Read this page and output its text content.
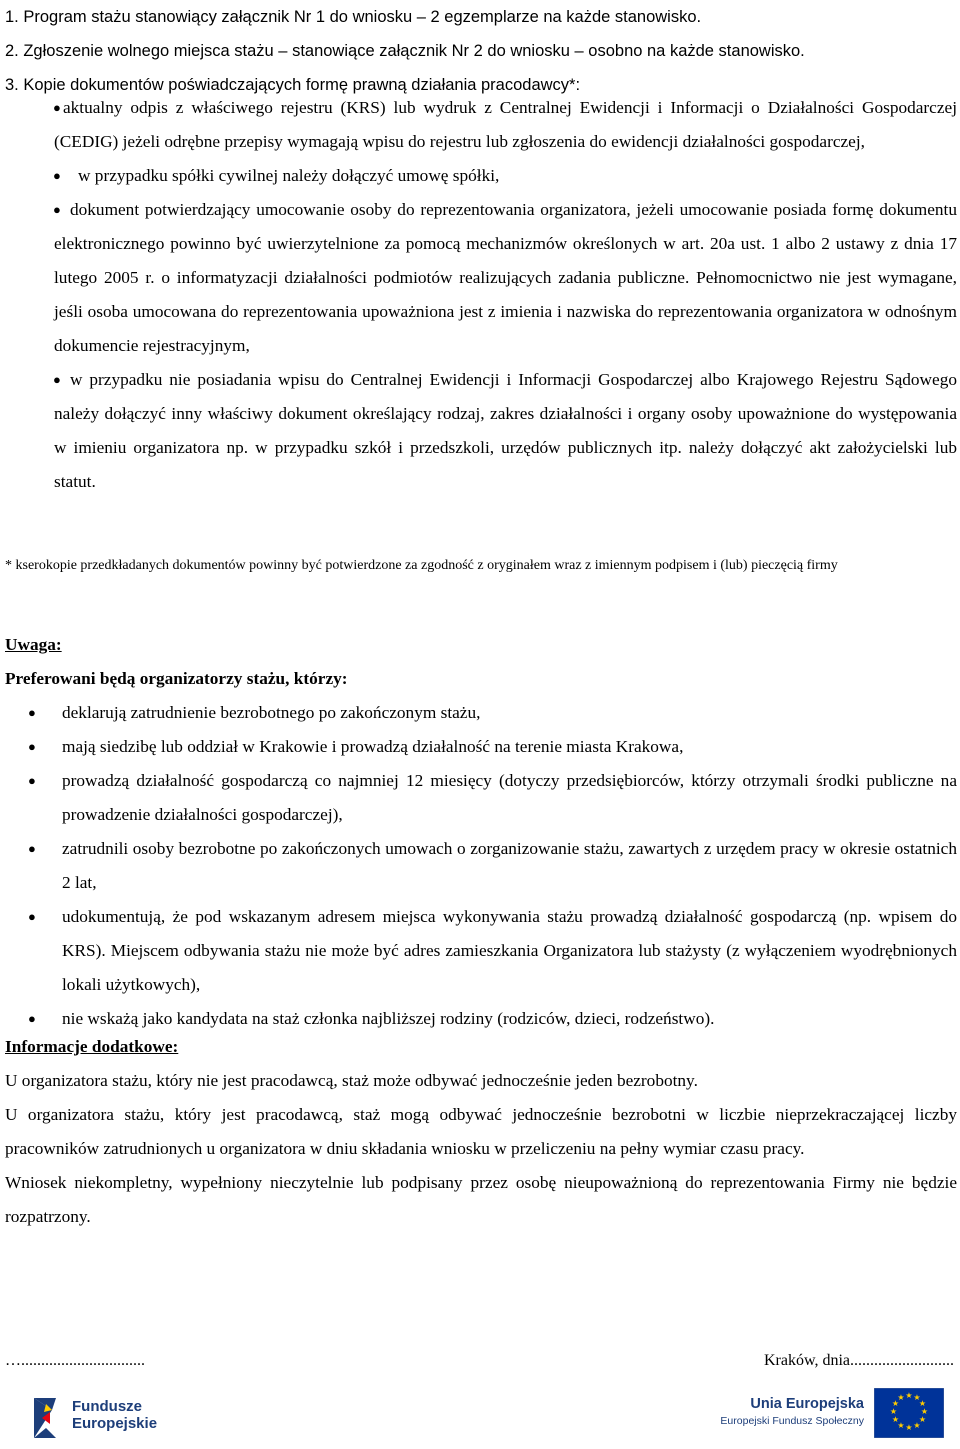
1. Program stażu stanowiący załącznik Nr 1 do wniosku – 2 egzemplarze na każde stanowisko.
2. Zgłoszenie wolnego miejsca stażu – stanowiące załącznik Nr 2 do wniosku – osobno na każde stanowisko.
3. Kopie dokumentów poświadczających formę prawną działania pracodawcy*:
● aktualny odpis z właściwego rejestru (KRS) lub wydruk z Centralnej Ewidencji i Informacji o Działalności Gospodarczej (CEDIG) jeżeli odrębne przepisy wymagają wpisu do rejestru lub zgłoszenia do ewidencji działalności gospodarczej,
● w przypadku spółki cywilnej należy dołączyć umowę spółki,
● dokument potwierdzający umocowanie osoby do reprezentowania organizatora, jeżeli umocowanie posiada formę dokumentu elektronicznego powinno być uwierzytelnione za pomocą mechanizmów określonych w art. 20a ust. 1 albo 2 ustawy z dnia 17 lutego 2005 r. o informatyzacji działalności podmiotów realizujących zadania publiczne. Pełnomocnictwo nie jest wymagane, jeśli osoba umocowana do reprezentowania upoważniona jest z imienia i nazwiska do reprezentowania organizatora w odnośnym dokumencie rejestracyjnym,
● w przypadku nie posiadania wpisu do Centralnej Ewidencji i Informacji Gospodarczej albo Krajowego Rejestru Sądowego należy dołączyć inny właściwy dokument określający rodzaj, zakres działalności i organy osoby upoważnione do występowania w imieniu organizatora np. w przypadku szkół i przedszkoli, urzędów publicznych itp. należy dołączyć akt założycielski lub statut.
* kserokopie przedkładanych dokumentów powinny być potwierdzone za zgodność z oryginałem wraz z imiennym podpisem i (lub) pieczęcią firmy
Uwaga:
Preferowani będą organizatorzy stażu, którzy:
● deklarują zatrudnienie bezrobotnego po zakończonym stażu,
● mają siedzibę lub oddział w Krakowie i prowadzą działalność na terenie miasta Krakowa,
● prowadzą działalność gospodarczą co najmniej 12 miesięcy (dotyczy przedsiębiorców, którzy otrzymali środki publiczne na prowadzenie działalności gospodarczej),
● zatrudnili osoby bezrobotne po zakończonych umowach o zorganizowanie stażu, zawartych z urzędem pracy w okresie ostatnich 2 lat,
● udokumentują, że pod wskazanym adresem miejsca wykonywania stażu prowadzą działalność gospodarczą (np. wpisem do KRS). Miejscem odbywania stażu nie może być adres zamieszkania Organizatora lub stażysty (z wyłączeniem wyodrębnionych lokali użytkowych),
● nie wskażą jako kandydata na staż członka najbliższej rodziny (rodziców, dzieci, rodzeństwo).
Informacje dodatkowe:
U organizatora stażu, który nie jest pracodawcą, staż może odbywać jednocześnie jeden bezrobotny.
U organizatora stażu, który jest pracodawcą, staż mogą odbywać jednocześnie bezrobotni w liczbie nieprzekraczającej liczby pracowników zatrudnionych u organizatora w dniu składania wniosku w przeliczeniu na pełny wymiar czasu pracy.
Wniosek niekompletny, wypełniony nieczytelnie lub podpisany przez osobę nieupoważnioną do reprezentowania Firmy nie będzie rozpatrzony.
…...............................	Kraków, dnia..........................
Fundusze
Europejskie
Unia Europejska
Europejski Fundusz Społeczny
★ ★
★
★
★
★
★
★
★
★
★
★
